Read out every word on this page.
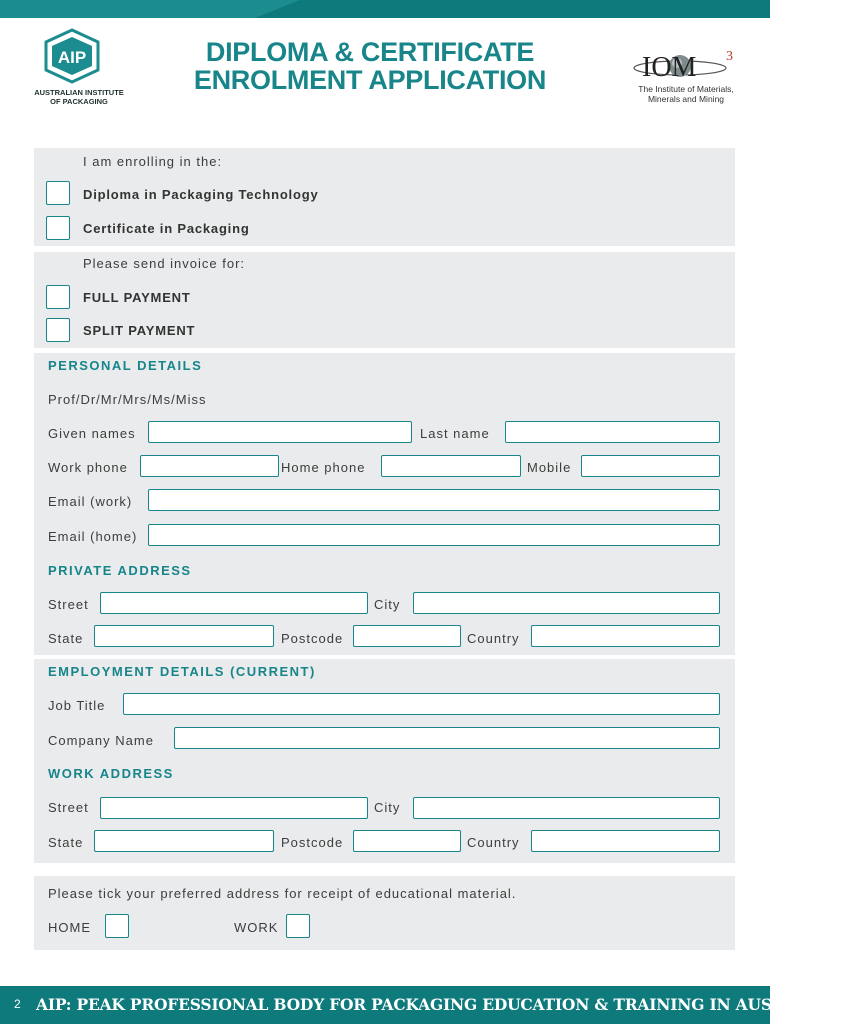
AIP
AUSTRALIAN INSTITUTE OF PACKAGING
DIPLOMA & CERTIFICATE
ENROLMENT APPLICATION	IOM 3
The Institute of Materials,
Minerals and Mining
I am enrolling in the:
Diploma in Packaging Technology
Certificate in Packaging
Please send invoice for:
FULL PAYMENT
SPLIT PAYMENT
PERSONAL DETAILS
Prof/Dr/Mr/Mrs/Ms/Miss
Given names	Last name
Work phone	Home phone	Mobile
Email (work)
Email (home)
PRIVATE ADDRESS
Street	City
State	Postcode	Country
EMPLOYMENT DETAILS (CURRENT)
Job Title
Company Name
WORK ADDRESS
Street	City
State	Postcode	Country
Please tick your preferred address for receipt of educational material.
HOME	WORK
2 AIP: PEAK PROFESSIONAL BODY FOR PACKAGING EDUCATION & TRAINING IN AUSTRALASIA
